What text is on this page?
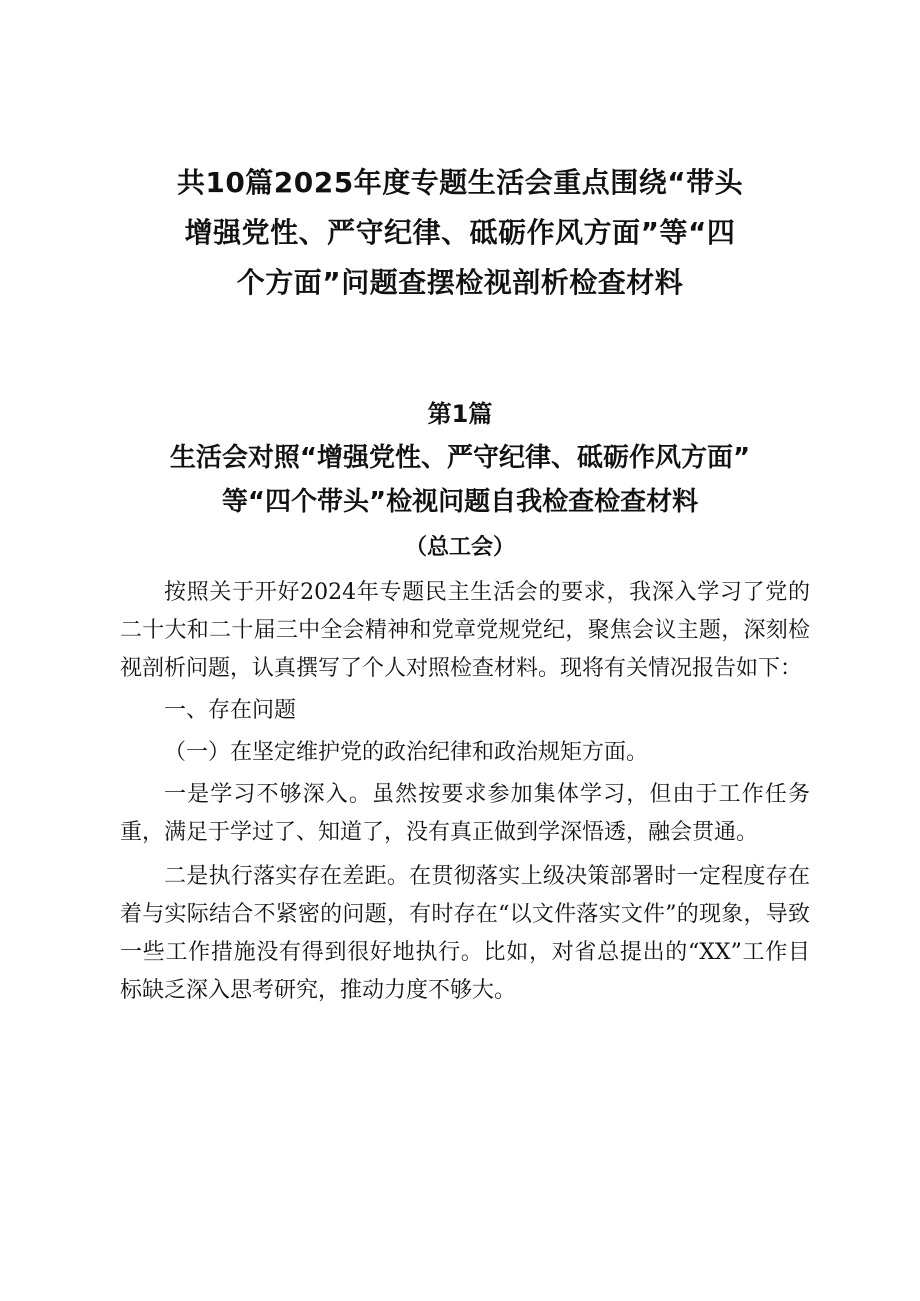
共10篇2025年度专题生活会重点围绕“带头
增强党性、严守纪律、砥砺作风方面”等“四
个方面”问题查摆检视剖析检查材料
第1篇
生活会对照“增强党性、严守纪律、砥砺作风方面”
等“四个带头”检视问题自我检查检查材料
（总工会）

按照关于开好2024年专题民主生活会的要求，我深入学习了党的二十大和二十届三中全会精神和党章党规党纪，聚焦会议主题，深刻检视剖析问题，认真撰写了个人对照检查材料。现将有关情况报告如下：

一、存在问题

（一）在坚定维护党的政治纪律和政治规矩方面。

一是学习不够深入。虽然按要求参加集体学习，但由于工作任务重，满足于学过了、知道了，没有真正做到学深悟透，融会贯通。

二是执行落实存在差距。在贯彻落实上级决策部署时一定程度存在着与实际结合不紧密的问题，有时存在“以文件落实文件”的现象，导致一些工作措施没有得到很好地执行。比如，对省总提出的“XX”工作目标缺乏深入思考研究，推动力度不够大。
